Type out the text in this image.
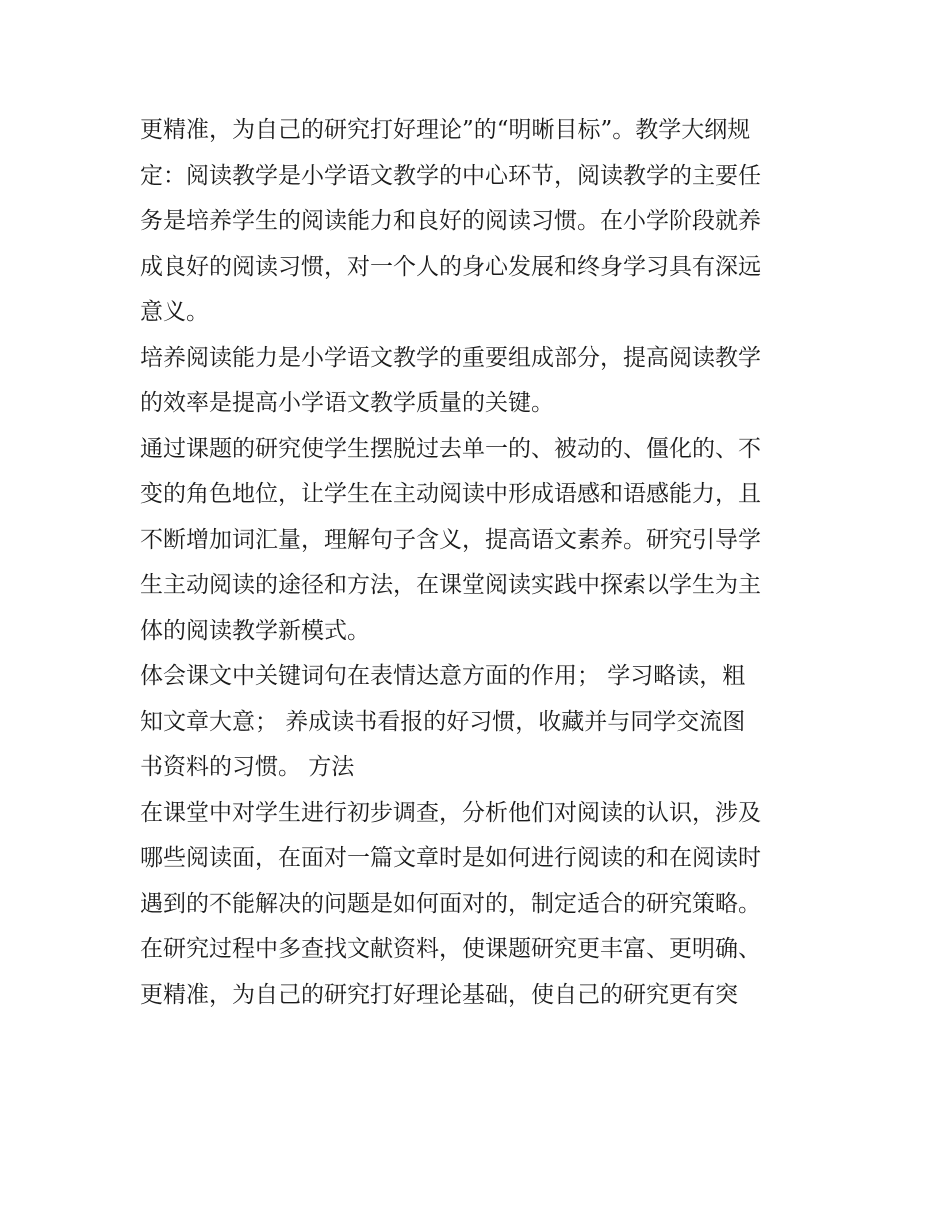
更精准，为自己的研究打好理论”的“明晰目标”。教学大纲规
定：阅读教学是小学语文教学的中心环节，阅读教学的主要任
务是培养学生的阅读能力和良好的阅读习惯。在小学阶段就养
成良好的阅读习惯，对一个人的身心发展和终身学习具有深远
意义。
培养阅读能力是小学语文教学的重要组成部分，提高阅读教学
的效率是提高小学语文教学质量的关键。
通过课题的研究使学生摆脱过去单一的、被动的、僵化的、不
变的角色地位，让学生在主动阅读中形成语感和语感能力，且
不断增加词汇量，理解句子含义，提高语文素养。研究引导学
生主动阅读的途径和方法，在课堂阅读实践中探索以学生为主
体的阅读教学新模式。
体会课文中关键词句在表情达意方面的作用； 学习略读，粗
知文章大意； 养成读书看报的好习惯，收藏并与同学交流图
书资料的习惯。 方法
在课堂中对学生进行初步调查，分析他们对阅读的认识，涉及
哪些阅读面，在面对一篇文章时是如何进行阅读的和在阅读时
遇到的不能解决的问题是如何面对的，制定适合的研究策略。
在研究过程中多查找文献资料，使课题研究更丰富、更明确、
更精准，为自己的研究打好理论基础，使自己的研究更有突
